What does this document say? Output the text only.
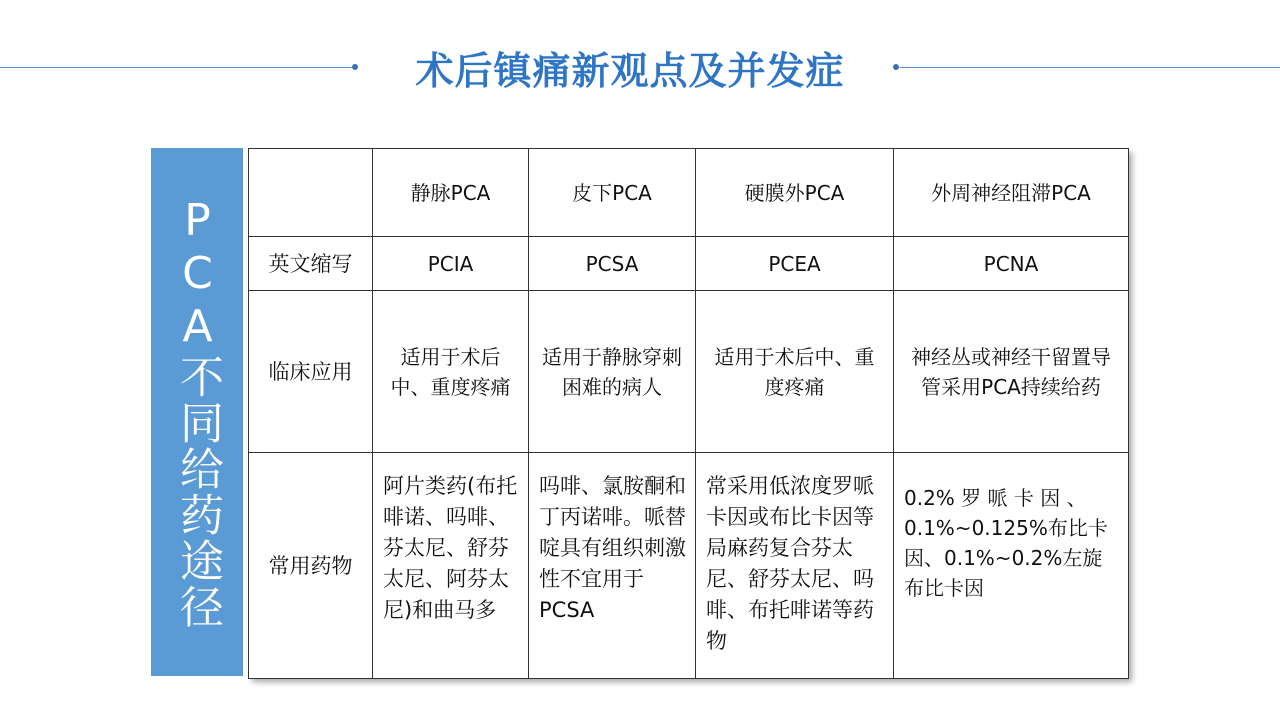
术后镇痛新观点及并发症
PCA不同给药途径
	静脉PCA	皮下PCA	硬膜外PCA	外周神经阻滞PCA
英文缩写	PCIA	PCSA	PCEA	PCNA
临床应用	适用于术后中、重度疼痛	适用于静脉穿刺困难的病人	适用于术后中、重 度疼痛	神经丛或神经干留置导管采用PCA持续给药
常用药物	阿片类药(布托啡诺、吗啡、芬太尼、舒芬太尼、阿芬太尼)和曲马多	吗啡、氯胺酮和丁丙诺啡。哌替啶具有组织刺激性不宜用于PCSA	常采用低浓度罗哌卡因或布比卡因等局麻药复合芬太尼、舒芬太尼、吗啡、布托啡诺等药物	0.2% 罗 哌 卡 因 、0.1%~0.125%布比卡因、0.1%~0.2%左旋布比卡因
